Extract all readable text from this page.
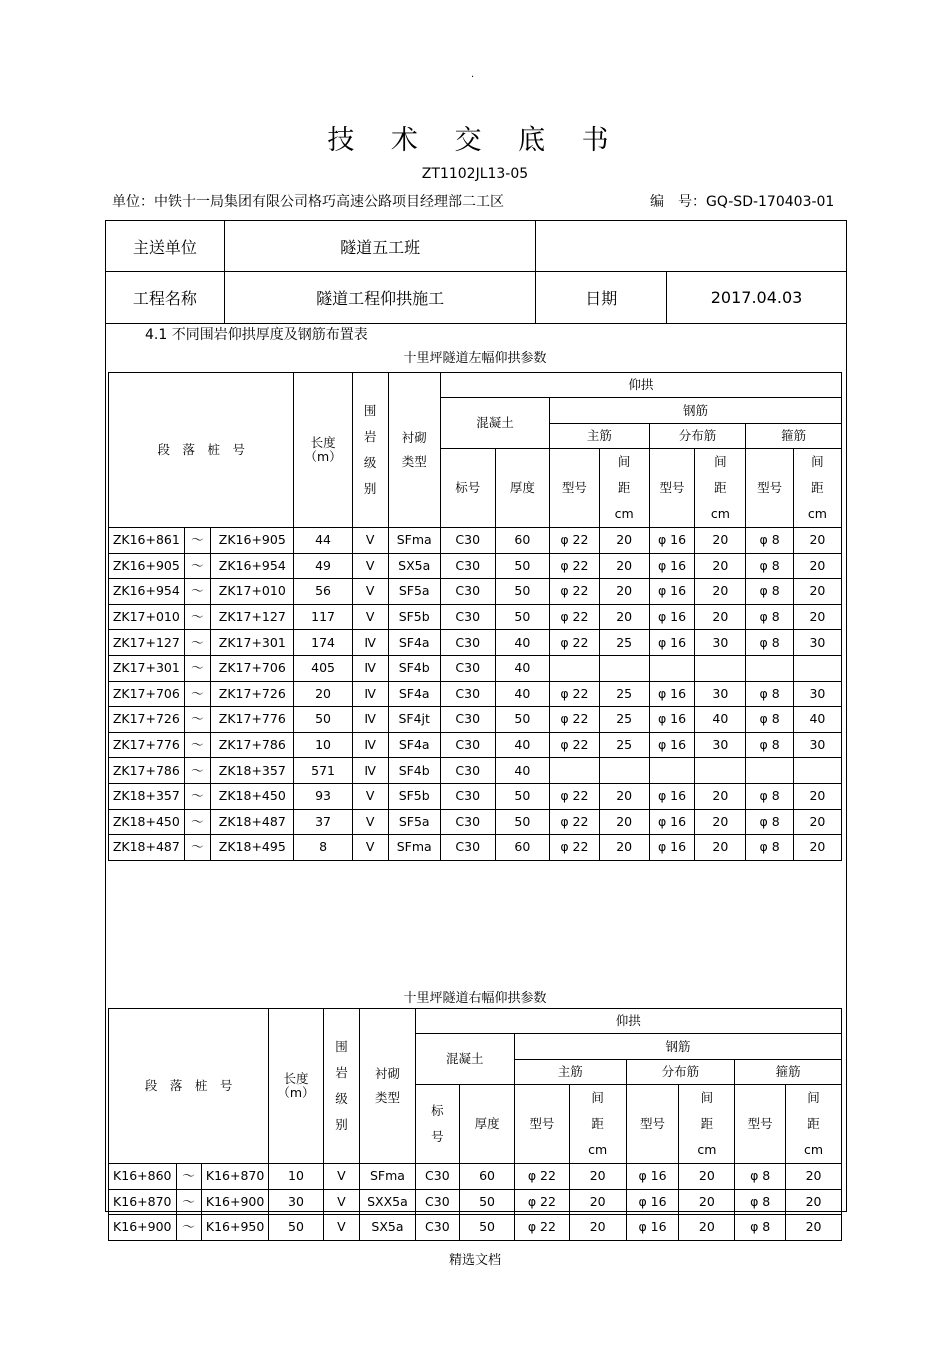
·
技 术 交 底 书
ZT1102JL13-05
单位：中铁十一局集团有限公司格巧高速公路项目经理部二工区	编　号：GQ-SD-170403-01
主送单位	隧道五工班		
工程名称	隧道工程仰拱施工	日期	2017.04.03
4.1 不同围岩仰拱厚度及钢筋布置表
十里坪隧道左幅仰拱参数
段　落　桩　号			长度（m）	围岩级别	衬砌类型	仰拱							
						混凝土		钢筋					
								主筋		分布筋		箍筋	
						标号	厚度	型号	间距cm	型号	间距cm	型号	间距cm

ZK16+861	～	ZK16+905	44	V	SFma	C30	60	φ 22	20	φ 16	20	φ 8	20
ZK16+905	～	ZK16+954	49	V	SX5a	C30	50	φ 22	20	φ 16	20	φ 8	20
ZK16+954	～	ZK17+010	56	V	SF5a	C30	50	φ 22	20	φ 16	20	φ 8	20
ZK17+010	～	ZK17+127	117	V	SF5b	C30	50	φ 22	20	φ 16	20	φ 8	20
ZK17+127	～	ZK17+301	174	Ⅳ	SF4a	C30	40	φ 22	25	φ 16	30	φ 8	30
ZK17+301	～	ZK17+706	405	Ⅳ	SF4b	C30	40						
ZK17+706	～	ZK17+726	20	Ⅳ	SF4a	C30	40	φ 22	25	φ 16	30	φ 8	30
ZK17+726	～	ZK17+776	50	Ⅳ	SF4jt	C30	50	φ 22	25	φ 16	40	φ 8	40
ZK17+776	～	ZK17+786	10	Ⅳ	SF4a	C30	40	φ 22	25	φ 16	30	φ 8	30
ZK17+786	～	ZK18+357	571	Ⅳ	SF4b	C30	40						
ZK18+357	～	ZK18+450	93	V	SF5b	C30	50	φ 22	20	φ 16	20	φ 8	20
ZK18+450	～	ZK18+487	37	V	SF5a	C30	50	φ 22	20	φ 16	20	φ 8	20
ZK18+487	～	ZK18+495	8	V	SFma	C30	60	φ 22	20	φ 16	20	φ 8	20
十里坪隧道右幅仰拱参数
段　落　桩　号			长度（m）	围岩级别	衬砌类型	仰拱							
						混凝土		钢筋					
								主筋		分布筋		箍筋	
						标号	厚度	型号	间距cm	型号	间距cm	型号	间距cm

K16+860	～	K16+870	10	V	SFma	C30	60	φ 22	20	φ 16	20	φ 8	20
K16+870	～	K16+900	30	V	SXX5a	C30	50	φ 22	20	φ 16	20	φ 8	20
K16+900	～	K16+950	50	V	SX5a	C30	50	φ 22	20	φ 16	20	φ 8	20
精选文档
